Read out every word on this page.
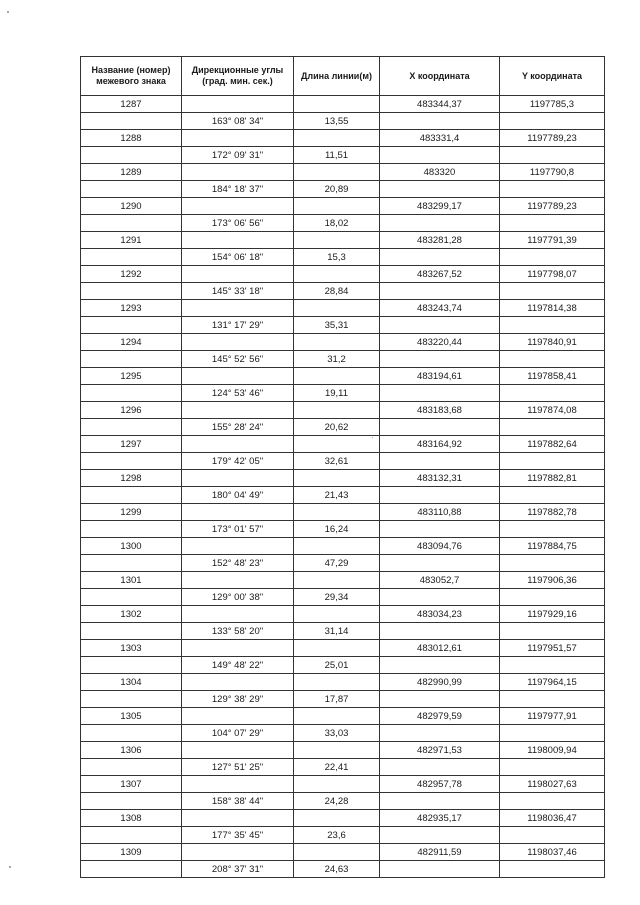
Название (номер) межевого знака	Дирекционные углы (град. мин. сек.)	Длина линии(м)	X координата	Y координата
1287			483344,37	1197785,3
	163° 08' 34"	13,55		
1288			483331,4	1197789,23
	172° 09' 31"	11,51		
1289			483320	1197790,8
	184° 18' 37"	20,89		
1290			483299,17	1197789,23
	173° 06' 56"	18,02		
1291			483281,28	1197791,39
	154° 06' 18"	15,3		
1292			483267,52	1197798,07
	145° 33' 18"	28,84		
1293			483243,74	1197814,38
	131° 17' 29"	35,31		
1294			483220,44	1197840,91
	145° 52' 56"	31,2		
1295			483194,61	1197858,41
	124° 53' 46"	19,11		
1296			483183,68	1197874,08
	155° 28' 24"	20,62		
1297			483164,92	1197882,64
	179° 42' 05"	32,61		
1298			483132,31	1197882,81
	180° 04' 49"	21,43		
1299			483110,88	1197882,78
	173° 01' 57"	16,24		
1300			483094,76	1197884,75
	152° 48' 23"	47,29		
1301			483052,7	1197906,36
	129° 00' 38"	29,34		
1302			483034,23	1197929,16
	133° 58' 20"	31,14		
1303			483012,61	1197951,57
	149° 48' 22"	25,01		
1304			482990,99	1197964,15
	129° 38' 29"	17,87		
1305			482979,59	1197977,91
	104° 07' 29"	33,03		
1306			482971,53	1198009,94
	127° 51' 25"	22,41		
1307			482957,78	1198027,63
	158° 38' 44"	24,28		
1308			482935,17	1198036,47
	177° 35' 45"	23,6		
1309			482911,59	1198037,46
	208° 37' 31"	24,63		
